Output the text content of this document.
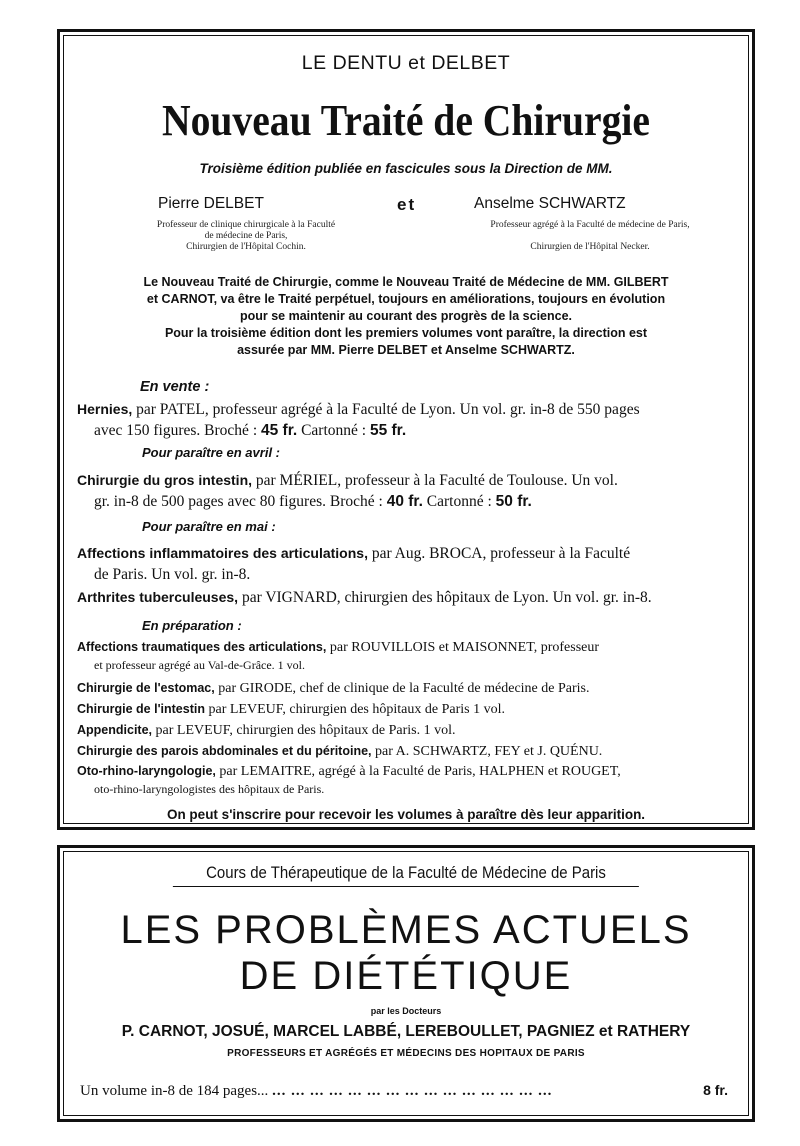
LE DENTU et DELBET
Nouveau Traité de Chirurgie
Troisième édition publiée en fascicules sous la Direction de MM.
Pierre DELBET
Professeur de clinique chirurgicale à la Faculté
de médecine de Paris,
Chirurgien de l'Hôpital Cochin.
et	Anselme SCHWARTZ
Professeur agrégé à la Faculté de médecine de Paris,
Chirurgien de l'Hôpital Necker.
Le Nouveau Traité de Chirurgie, comme le Nouveau Traité de Médecine de MM. GILBERT
et CARNOT, va être le Traité perpétuel, toujours en améliorations, toujours en évolution
pour se maintenir au courant des progrès de la science.
Pour la troisième édition dont les premiers volumes vont paraître, la direction est
assurée par MM. Pierre DELBET et Anselme SCHWARTZ.
En vente :
Hernies, par PATEL, professeur agrégé à la Faculté de Lyon. Un vol. gr. in-8 de 550 pages
avec 150 figures. Broché : 45 fr. Cartonné : 55 fr.
Pour paraître en avril :
Chirurgie du gros intestin, par MÉRIEL, professeur à la Faculté de Toulouse. Un vol.
gr. in-8 de 500 pages avec 80 figures. Broché : 40 fr. Cartonné : 50 fr.
Pour paraître en mai :
Affections inflammatoires des articulations, par Aug. BROCA, professeur à la Faculté
de Paris. Un vol. gr. in-8.
Arthrites tuberculeuses, par VIGNARD, chirurgien des hôpitaux de Lyon. Un vol. gr. in-8.
En préparation :
Affections traumatiques des articulations, par ROUVILLOIS et MAISONNET, professeur
et professeur agrégé au Val-de-Grâce. 1 vol.
Chirurgie de l'estomac, par GIRODE, chef de clinique de la Faculté de médecine de Paris.
Chirurgie de l'intestin par LEVEUF, chirurgien des hôpitaux de Paris 1 vol.
Appendicite, par LEVEUF, chirurgien des hôpitaux de Paris. 1 vol.
Chirurgie des parois abdominales et du péritoine, par A. SCHWARTZ, FEY et J. QUÉNU.
Oto-rhino-laryngologie, par LEMAITRE, agrégé à la Faculté de Paris, HALPHEN et ROUGET,
oto-rhino-laryngologistes des hôpitaux de Paris.
On peut s'inscrire pour recevoir les volumes à paraître dès leur apparition.
Cours de Thérapeutique de la Faculté de Médecine de Paris
LES PROBLÈMES ACTUELS
DE DIÉTÉTIQUE
par les Docteurs
P. CARNOT, JOSUÉ, MARCEL LABBÉ, LEREBOULLET, PAGNIEZ et RATHERY
PROFESSEURS ET AGRÉGÉS ET MÉDECINS DES HOPITAUX DE PARIS
Un volume in-8 de 184 pages... ... ... ... ... ... ... ... ... ... ... ... ... ... ... ...	8 fr.
